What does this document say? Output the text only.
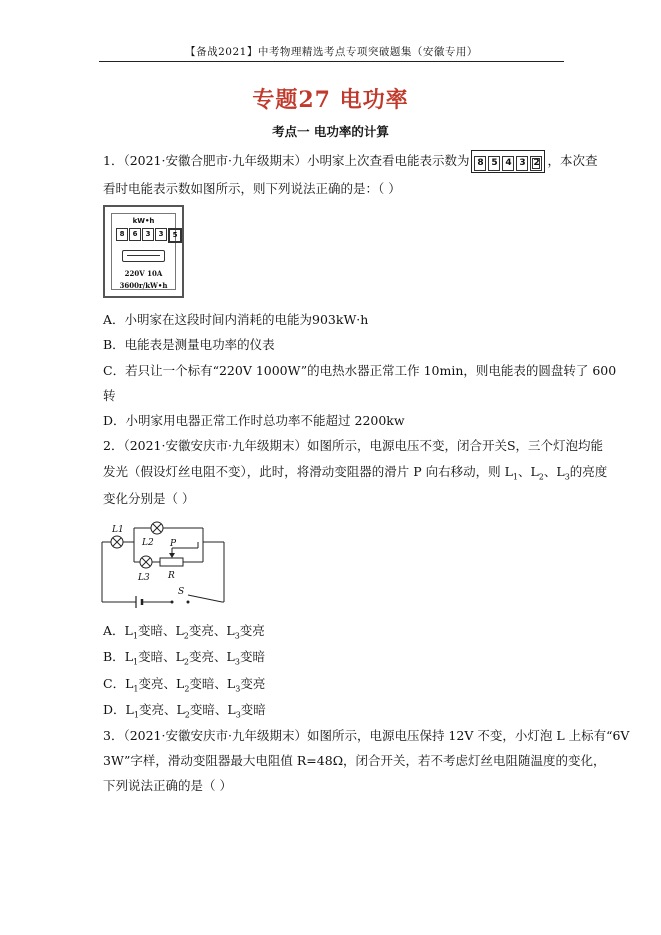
【备战2021】中考物理精选考点专项突破题集（安徽专用）
专题27 电功率
考点一 电功率的计算
1．（2021·安徽合肥市·九年级期末）小明家上次查看电能表示数为 8 5 4 3 2 ，本次查
看时电能表示数如图所示，则下列说法正确的是：（ ）
kW•h
8	6	3	3	5
220V 10A
3600r/kW•h
A．小明家在这段时间内消耗的电能为903kW·h
B．电能表是测量电功率的仪表
C．若只让一个标有“220V 1000W”的电热水器正常工作 10min，则电能表的圆盘转了 600
转
D．小明家用电器正常工作时总功率不能超过 2200kw
2．（2021·安徽安庆市·九年级期末）如图所示，电源电压不变，闭合开关S，三个灯泡均能
发光（假设灯丝电阻不变），此时，将滑动变阻器的滑片 P 向右移动，则 $L_1$、$L_2$、$L_3$的亮度
变化分别是（ ）
L1
L2
L3
P
R
S
A．$L_1$变暗、$L_2$变亮、$L_3$变亮
B．$L_1$变暗、$L_2$变亮、$L_3$变暗
C．$L_1$变亮、$L_2$变暗、$L_3$变亮
D．$L_1$变亮、$L_2$变暗、$L_3$变暗
3．（2021·安徽安庆市·九年级期末）如图所示，电源电压保持 12V 不变，小灯泡 L 上标有“6V
3W”字样，滑动变阻器最大电阻值 R=48Ω，闭合开关，若不考虑灯丝电阻随温度的变化，
下列说法正确的是（ ）
